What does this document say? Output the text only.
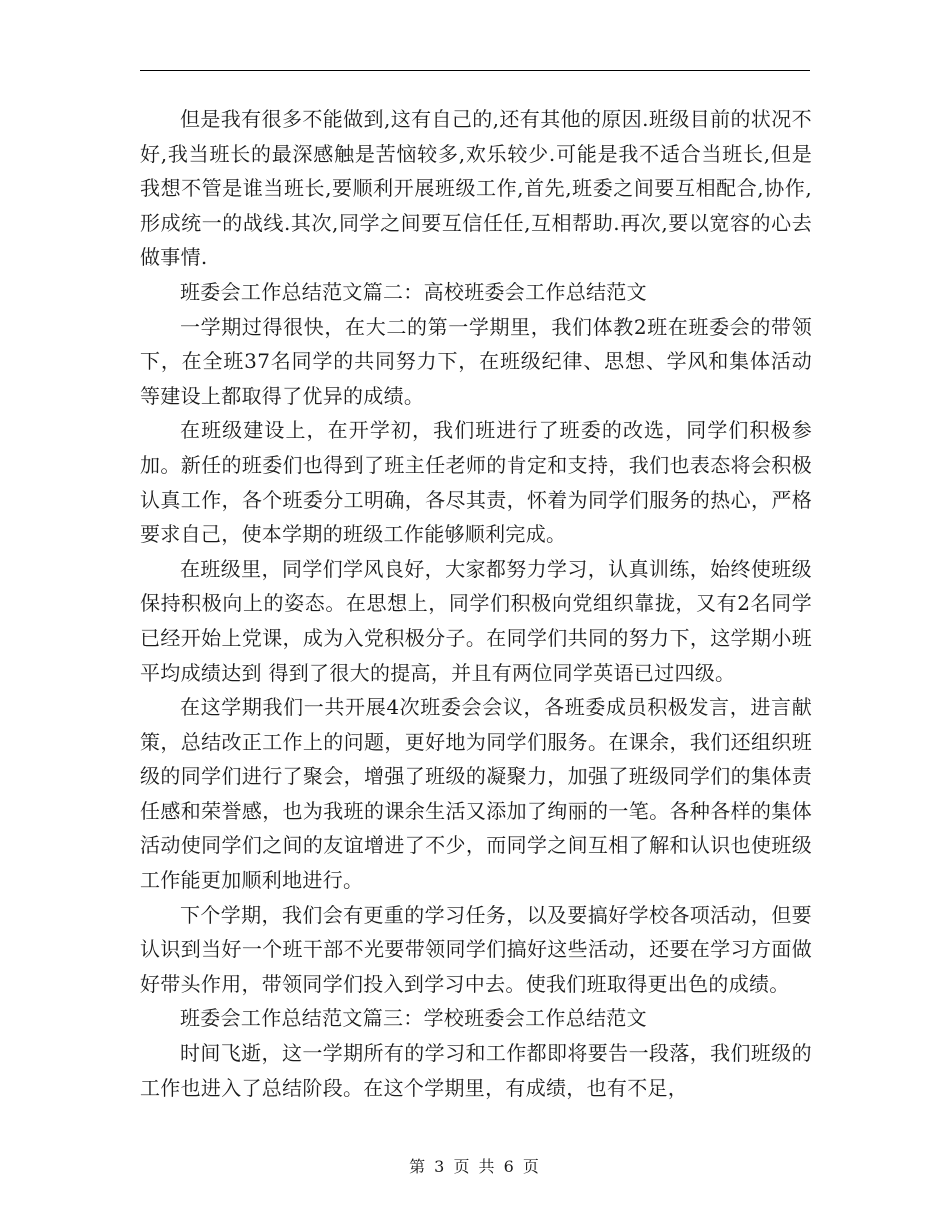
但是我有很多不能做到,这有自己的,还有其他的原因.班级目前的状况不好,我当班长的最深感触是苦恼较多,欢乐较少.可能是我不适合当班长,但是我想不管是谁当班长,要顺利开展班级工作,首先,班委之间要互相配合,协作,形成统一的战线.其次,同学之间要互信任任,互相帮助.再次,要以宽容的心去做事情.

班委会工作总结范文篇二：高校班委会工作总结范文

一学期过得很快，在大二的第一学期里，我们体教2班在班委会的带领下，在全班37名同学的共同努力下，在班级纪律、思想、学风和集体活动等建设上都取得了优异的成绩。

在班级建设上，在开学初，我们班进行了班委的改选，同学们积极参加。新任的班委们也得到了班主任老师的肯定和支持，我们也表态将会积极认真工作，各个班委分工明确，各尽其责，怀着为同学们服务的热心，严格要求自己，使本学期的班级工作能够顺利完成。

在班级里，同学们学风良好，大家都努力学习，认真训练，始终使班级保持积极向上的姿态。在思想上，同学们积极向党组织靠拢，又有2名同学已经开始上党课，成为入党积极分子。在同学们共同的努力下，这学期小班平均成绩达到 得到了很大的提高，并且有两位同学英语已过四级。

在这学期我们一共开展4次班委会会议，各班委成员积极发言，进言献策，总结改正工作上的问题，更好地为同学们服务。在课余，我们还组织班级的同学们进行了聚会，增强了班级的凝聚力，加强了班级同学们的集体责任感和荣誉感，也为我班的课余生活又添加了绚丽的一笔。各种各样的集体活动使同学们之间的友谊增进了不少，而同学之间互相了解和认识也使班级工作能更加顺利地进行。

下个学期，我们会有更重的学习任务，以及要搞好学校各项活动，但要认识到当好一个班干部不光要带领同学们搞好这些活动，还要在学习方面做好带头作用，带领同学们投入到学习中去。使我们班取得更出色的成绩。

班委会工作总结范文篇三：学校班委会工作总结范文

时间飞逝，这一学期所有的学习和工作都即将要告一段落，我们班级的工作也进入了总结阶段。在这个学期里，有成绩，也有不足，

第 3 页 共 6 页
